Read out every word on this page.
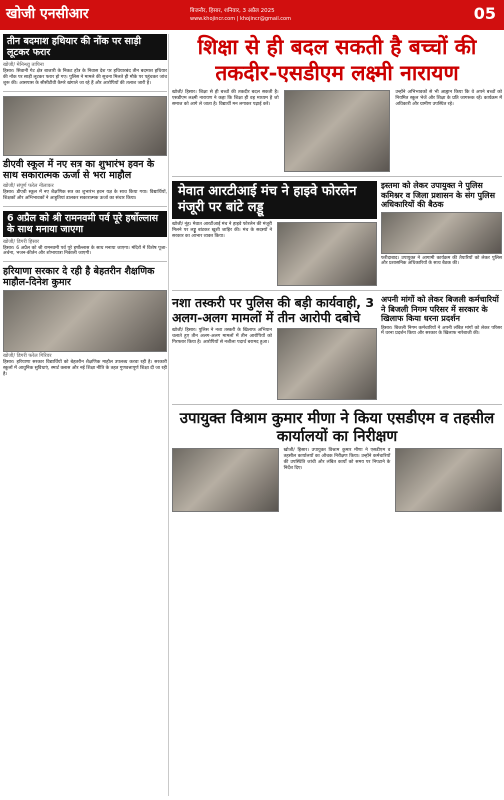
खोजी एनसीआर	बिजनौर, हिसार, शनिवार, 3 अप्रैल 2025
www.khojincr.com | khojincr@gmail.com	05
तीन बदमाश हथियार की नोंक पर साड़ी लूटकर फरार
खोजी/ मेनिन्ध्यु तापिना
हिसार। सिवानी गेट क्षेत्र बाजारी के निकट होंत्र के निवास देश पर हथियारबंद तीन बदमाश हथियार की नोंक पर साड़ी लूटकर फरार हो गए। पुलिस ने मामले की सूचना मिलते ही मौके पर पहुंचकर जांच शुरू की। आसपास के सीसीटीवी कैमरे खंगाले जा रहे हैं और आरोपियों की तलाश जारी है।
डीएवी स्कूल में नए सत्र का शुभारंभ हवन के साथ सकारात्मक ऊर्जा से भरा माहौल
खोजी/ संपूर्ण फरेल नीलाकर
हिसार। डीएवी स्कूल में नए शैक्षणिक सत्र का शुभारंभ हवन यज्ञ के साथ किया गया। विद्यार्थियों, शिक्षकों और अभिभावकों ने आहुतियां डालकर सकारात्मक ऊर्जा का संचार किया।
6 अप्रैल को श्री रामनवमी पर्व पूरे हर्षोल्लास के साथ मनाया जाएगा
खोजी/ डिगरी हिसार
हिसार। 6 अप्रैल को श्री रामनवमी पर्व पूरे हर्षोल्लास के साथ मनाया जाएगा। मंदिरों में विशेष पूजा-अर्चना, भजन-कीर्तन और शोभायात्रा निकाली जाएगी।
हरियाणा सरकार दे रही है बेहतरीन शैक्षणिक माहौल-दिनेश कुमार
खोजी/ डिगरी फरेल गिरिवर
हिसार। हरियाणा सरकार विद्यार्थियों को बेहतरीन शैक्षणिक माहौल उपलब्ध करवा रही है। सरकारी स्कूलों में आधुनिक सुविधाएं, स्मार्ट क्लास और नई शिक्षा नीति के तहत गुणवत्तापूर्ण शिक्षा दी जा रही है।
शिक्षा से ही बदल सकती है बच्चों की तकदीर-एसडीएम लक्ष्मी नारायण
खोजी/ हिसार। शिक्षा से ही बच्चों की तकदीर बदल सकती है। एसडीएम लक्ष्मी नारायण ने कहा कि शिक्षा ही वह माध्यम है जो समाज को आगे ले जाता है। विद्यार्थी मन लगाकर पढ़ाई करें।
उन्होंने अभिभावकों से भी आह्वान किया कि वे अपने बच्चों को नियमित स्कूल भेजें और शिक्षा के प्रति जागरूक रहें। कार्यक्रम में अधिकारी और ग्रामीण उपस्थित रहे।
मेवात आरटीआई मंच ने हाइवे फोरलेन मंजूरी पर बांटे लड्डू
खोजी/ नूंह। मेवात आरटीआई मंच ने हाइवे फोरलेन की मंजूरी मिलने पर लड्डू बांटकर खुशी जाहिर की। मंच के सदस्यों ने सरकार का आभार व्यक्त किया।
इस्तमा को लेकर उपायुक्त ने पुलिस कमिश्नर व जिला प्रशासन के संग पुलिस अधिकारियों की बैठक
फरीदाबाद। उपायुक्त ने आगामी कार्यक्रम की तैयारियों को लेकर पुलिस और प्रशासनिक अधिकारियों के साथ बैठक की।
नशा तस्करी पर पुलिस की बड़ी कार्यवाही, 3 अलग-अलग मामलों में तीन आरोपी दबोचे
खोजी/ हिसार। पुलिस ने नशा तस्करी के खिलाफ अभियान चलाते हुए तीन अलग-अलग मामलों में तीन आरोपियों को गिरफ्तार किया है। आरोपियों से नशीला पदार्थ बरामद हुआ।
अपनी मांगों को लेकर बिजली कर्मचारियों ने बिजली निगम परिसर में सरकार के खिलाफ किया धरना प्रदर्शन
हिसार। बिजली निगम कर्मचारियों ने अपनी लंबित मांगों को लेकर परिसर में धरना प्रदर्शन किया और सरकार के खिलाफ नारेबाजी की।
उपायुक्त विश्राम कुमार मीणा ने किया एसडीएम व तहसील कार्यालयों का निरीक्षण
खोजी/ हिसार। उपायुक्त विश्राम कुमार मीणा ने एसडीएम व तहसील कार्यालयों का औचक निरीक्षण किया। उन्होंने कर्मचारियों की उपस्थिति जांची और लंबित कार्यों को समय पर निपटाने के निर्देश दिए।
